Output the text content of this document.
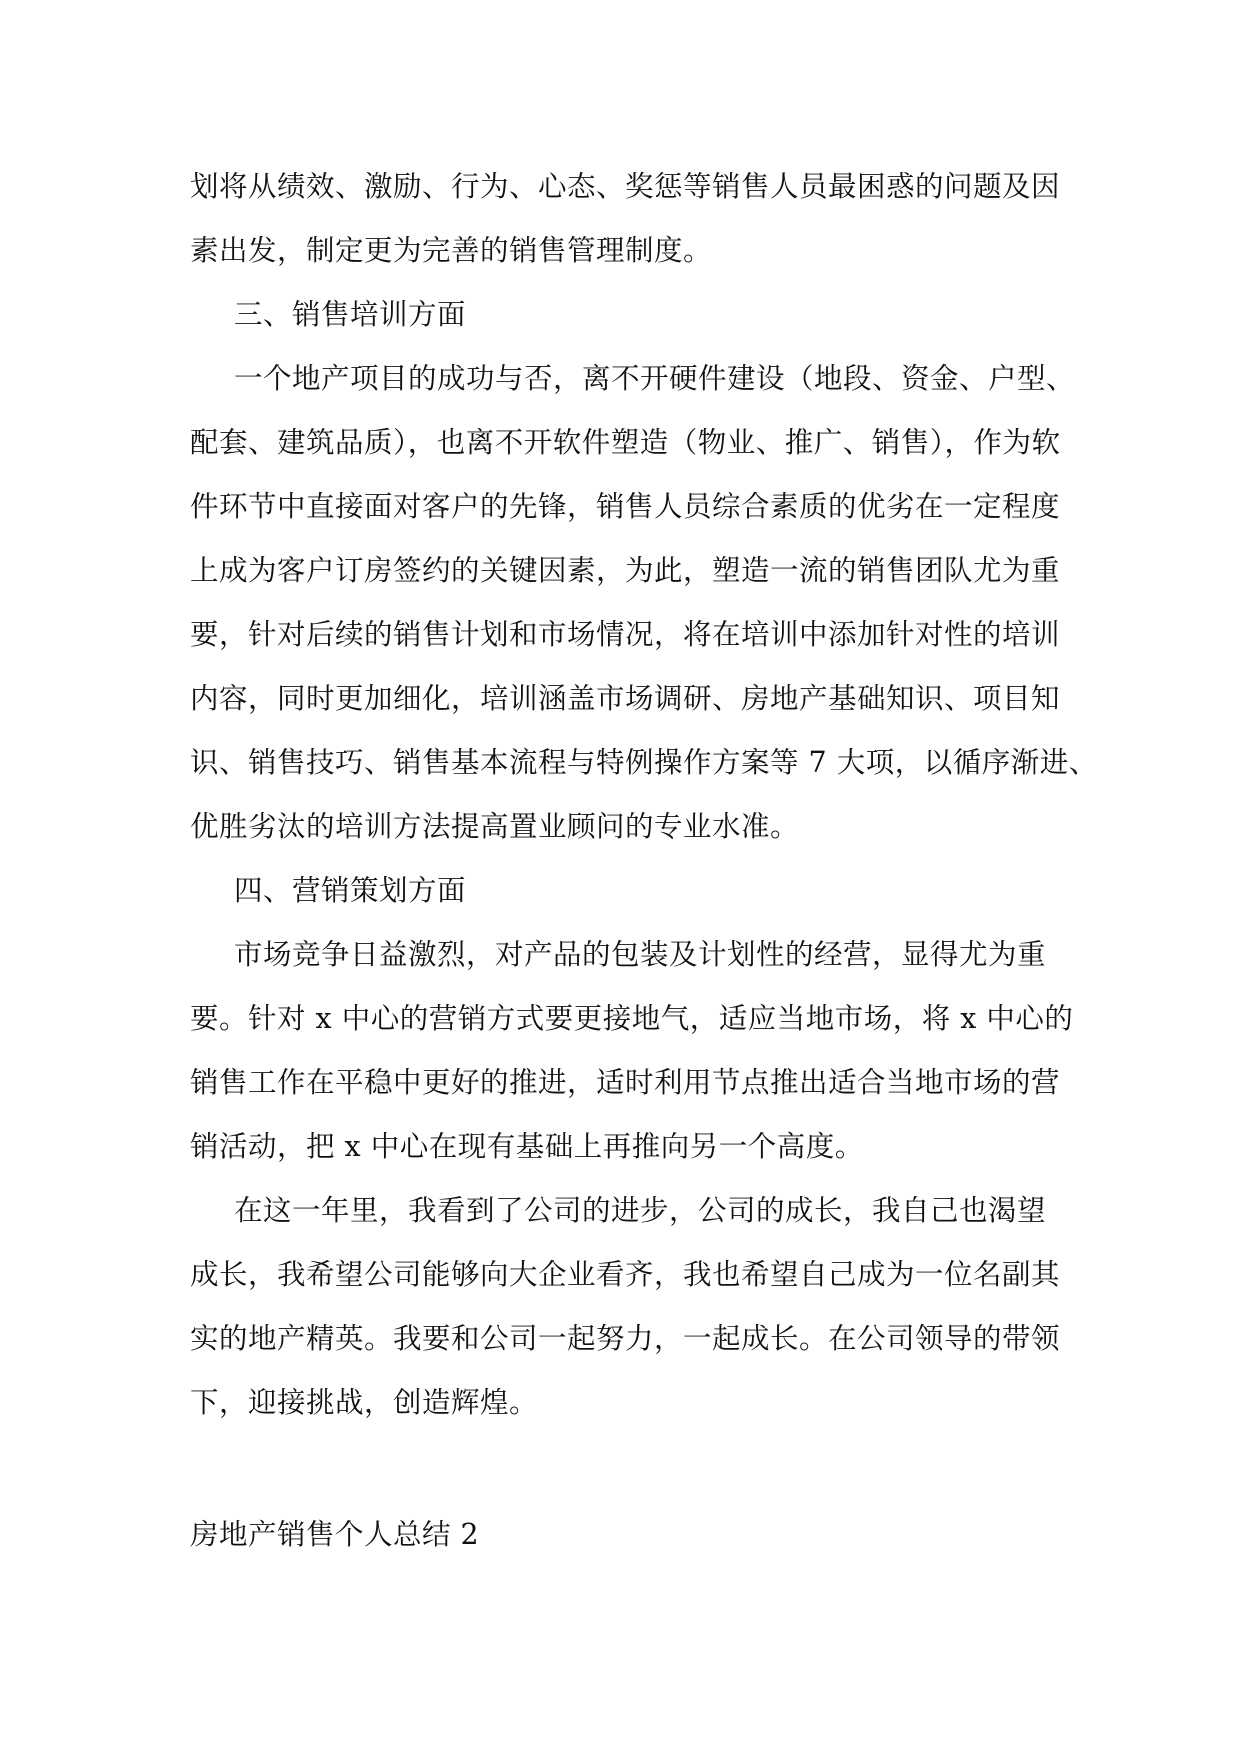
划将从绩效、激励、行为、心态、奖惩等销售人员最困惑的问题及因
素出发，制定更为完善的销售管理制度。
三、销售培训方面
一个地产项目的成功与否，离不开硬件建设（地段、资金、户型、
配套、建筑品质），也离不开软件塑造（物业、推广、销售），作为软
件环节中直接面对客户的先锋，销售人员综合素质的优劣在一定程度
上成为客户订房签约的关键因素，为此，塑造一流的销售团队尤为重
要，针对后续的销售计划和市场情况，将在培训中添加针对性的培训
内容，同时更加细化，培训涵盖市场调研、房地产基础知识、项目知
识、销售技巧、销售基本流程与特例操作方案等 7 大项，以循序渐进、
优胜劣汰的培训方法提高置业顾问的专业水准。
四、营销策划方面
市场竞争日益激烈，对产品的包装及计划性的经营，显得尤为重
要。针对 x 中心的营销方式要更接地气，适应当地市场，将 x 中心的
销售工作在平稳中更好的推进，适时利用节点推出适合当地市场的营
销活动，把 x 中心在现有基础上再推向另一个高度。
在这一年里，我看到了公司的进步，公司的成长，我自己也渴望
成长，我希望公司能够向大企业看齐，我也希望自己成为一位名副其
实的地产精英。我要和公司一起努力，一起成长。在公司领导的带领
下，迎接挑战，创造辉煌。
房地产销售个人总结 2
